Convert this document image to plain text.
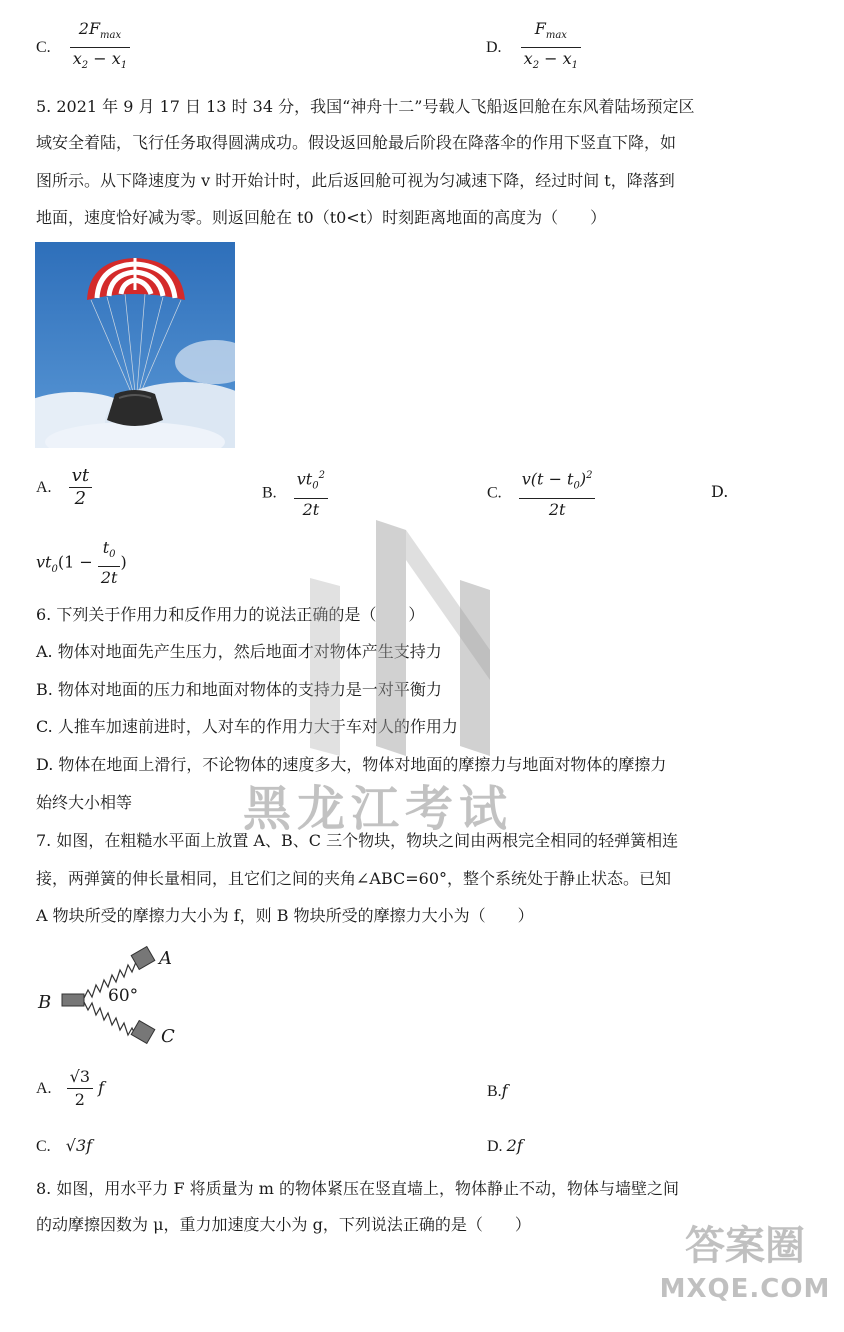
C. $\frac{2F_{max}}{x_2 - x_1}$	D. $\frac{F_{max}}{x_2 - x_1}$
5. 2021 年 9 月 17 日 13 时 34 分，我国“神舟十二”号载人飞船返回舱在东风着陆场预定区
域安全着陆，飞行任务取得圆满成功。假设返回舱最后阶段在降落伞的作用下竖直下降，如
图所示。从下降速度为 v 时开始计时，此后返回舱可视为匀减速下降，经过时间 t，降落到
地面，速度恰好减为零。则返回舱在 t0（t0<t）时刻距离地面的高度为（　　）
A. $\frac{vt}{2}$	B. $\frac{vt_0^2}{2t}$	C. $\frac{v(t - t_0)^2}{2t}$	D.
$vt_0(1 - \frac{t_0}{2t}$ )
6. 下列关于作用力和反作用力的说法正确的是（　　）
A. 物体对地面先产生压力，然后地面才对物体产生支持力
B. 物体对地面的压力和地面对物体的支持力是一对平衡力
C. 人推车加速前进时，人对车的作用力大于车对人的作用力
D. 物体在地面上滑行，不论物体的速度多大，物体对地面的摩擦力与地面对物体的摩擦力
始终大小相等
7. 如图，在粗糙水平面上放置 A、B、C 三个物块，物块之间由两根完全相同的轻弹簧相连
接，两弹簧的伸长量相同，且它们之间的夹角∠ABC=60°，整个系统处于静止状态。已知
A 物块所受的摩擦力大小为 f，则 B 物块所受的摩擦力大小为（　　）
A
B
C
60°
A. $\frac{√3}{2}$ f	B.f
C. √3f	D. 2f
8. 如图，用水平力 F 将质量为 m 的物体紧压在竖直墙上，物体静止不动，物体与墙壁之间
的动摩擦因数为 μ，重力加速度大小为 g，下列说法正确的是（　　）
黑龙江考试
答案圈
MXQE.COM
